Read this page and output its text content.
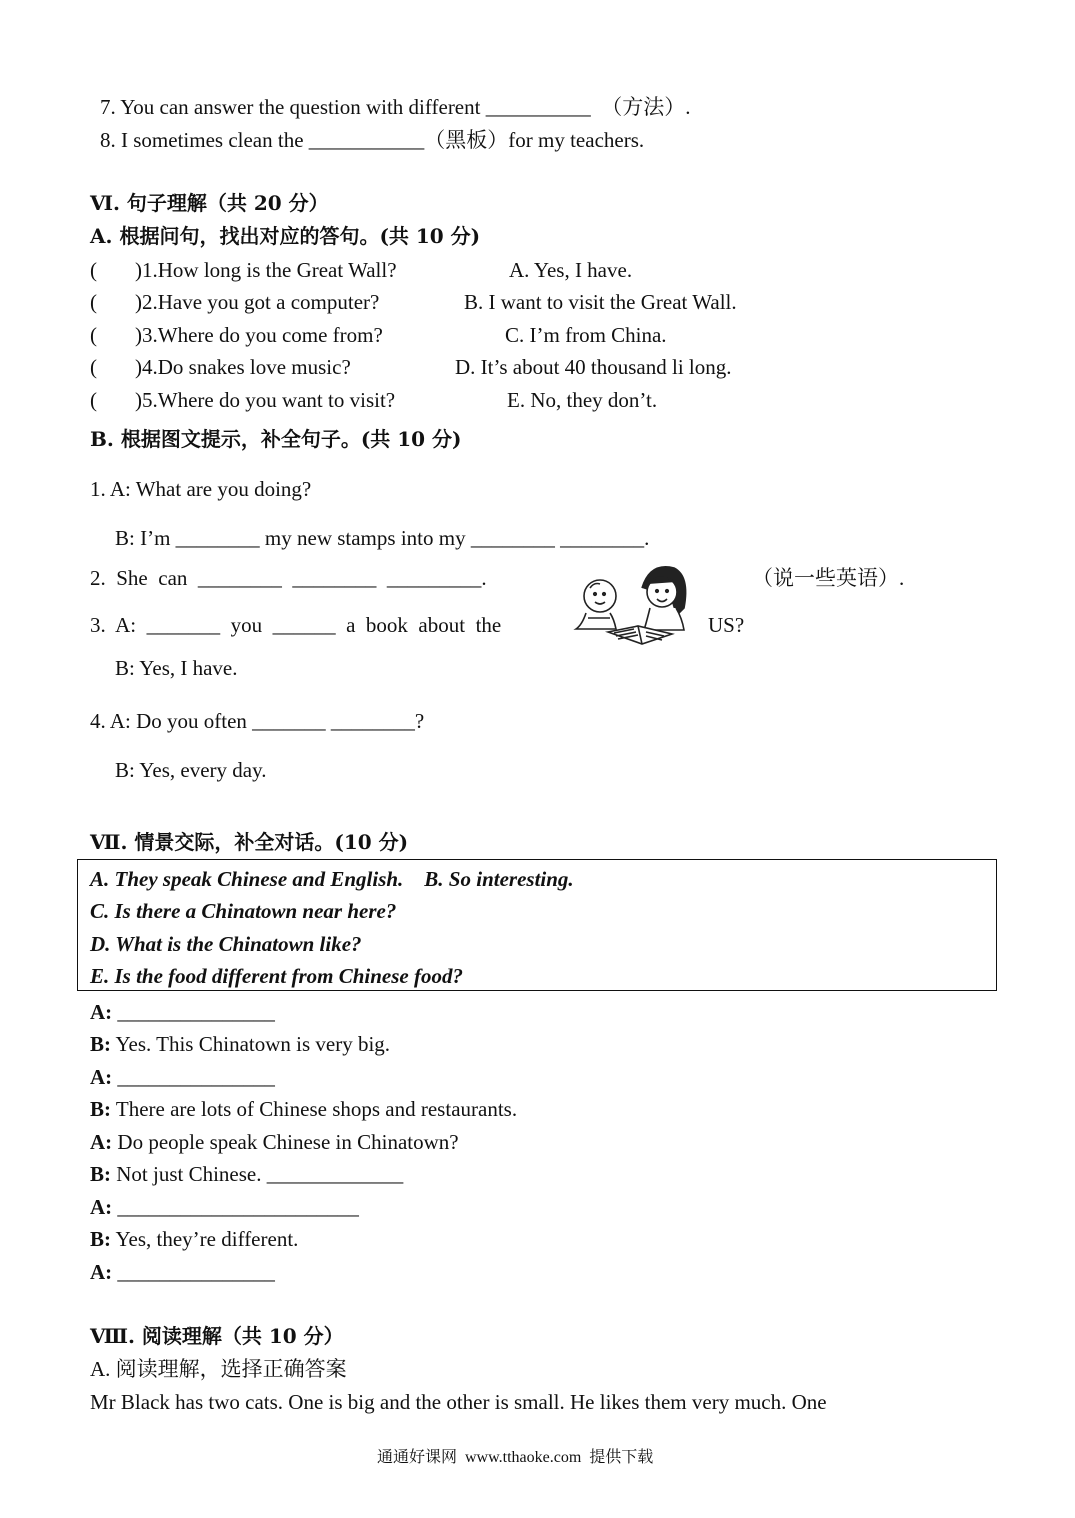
7. You can answer the question with different __________  （方法）.
8. I sometimes clean the ___________（黑板）for my teachers.
Ⅵ. 句子理解（共 20 分）
A. 根据问句，找出对应的答句。(共 10 分)
( )1.How long is the Great Wall?	A. Yes, I have.
( )2.Have you got a computer?	B. I want to visit the Great Wall.
( )3.Where do you come from?	C. I’m from China.
( )4.Do snakes love music?	D. It’s about 40 thousand li long.
( )5.Where do you want to visit?	E. No, they don’t.
B. 根据图文提示，补全句子。(共 10 分)
1. A: What are you doing?
B: I’m ________ my new stamps into my ________ ________.
2.  She  can  ________  ________  _________.	（说一些英语）.
3.  A:  _______  you  ______  a  book  about  the	US?
B: Yes, I have.
4. A: Do you often _______ ________?
B: Yes, every day.
Ⅶ. 情景交际，补全对话。(10 分)
A. They speak Chinese and English.    B. So interesting.
C. Is there a Chinatown near here?
D. What is the Chinatown like?
E. Is the food different from Chinese food?
A: _______________
B: Yes. This Chinatown is very big.
A: _______________
B: There are lots of Chinese shops and restaurants.
A: Do people speak Chinese in Chinatown?
B: Not just Chinese. _____________
A: _______________________
B: Yes, they’re different.
A: _______________
Ⅷ. 阅读理解（共 10 分）
A. 阅读理解，选择正确答案
Mr Black has two cats. One is big and the other is small. He likes them very much. One
通通好课网  www.tthaoke.com  提供下载
